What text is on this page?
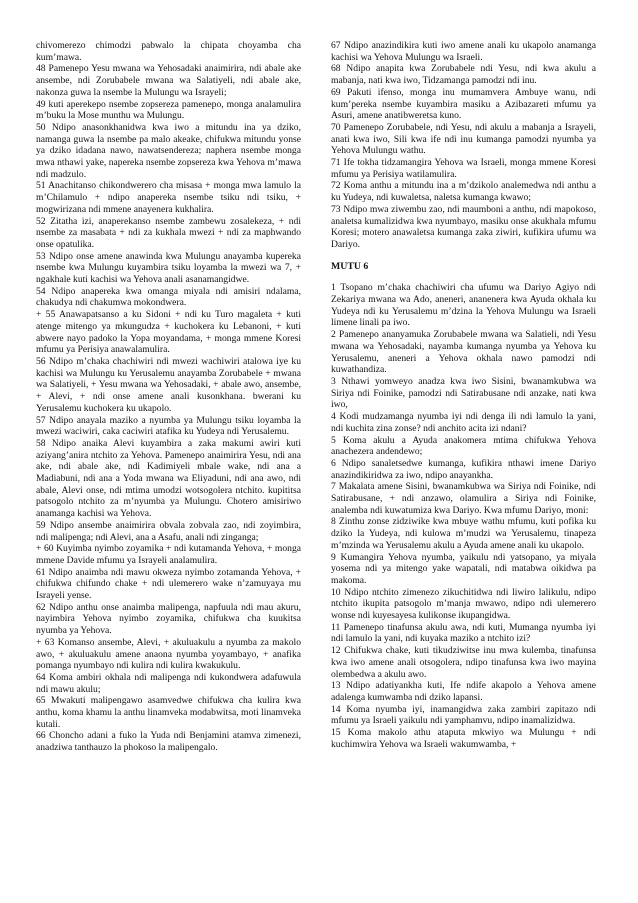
chivomerezo chimodzi pabwalo la chipata choyamba cha kum’mawa.

48 Pamenepo Yesu mwana wa Yehosadaki anaimirira, ndi abale ake ansembe, ndi Zorubabele mwana wa Salatiyeli, ndi abale ake, nakonza guwa la nsembe la Mulungu wa Israyeli;

49 kuti aperekepo nsembe zopsereza pamenepo, monga analamulira m’buku la Mose munthu wa Mulungu.

50 Ndipo anasonkhanidwa kwa iwo a mitundu ina ya dziko, namanga guwa la nsembe pa malo akeake, chifukwa mitundu yonse ya dziko idadana nawo, nawatsendereza; naphera nsembe monga mwa nthawi yake, napereka nsembe zopsereza kwa Yehova m’mawa ndi madzulo.

51 Anachitanso chikondwerero cha misasa + monga mwa lamulo la m’Chilamulo + ndipo anapereka nsembe tsiku ndi tsiku, + mogwirizana ndi mmene anayenera kukhalira.

52 Zitatha izi, anaperekanso nsembe zambewu zosalekeza, + ndi nsembe za masabata + ndi za kukhala mwezi + ndi za maphwando onse opatulika.

53 Ndipo onse amene anawinda kwa Mulungu anayamba kupereka nsembe kwa Mulungu kuyambira tsiku loyamba la mwezi wa 7, + ngakhale kuti kachisi wa Yehova anali asanamangidwe.

54 Ndipo anapereka kwa omanga miyala ndi amisiri ndalama, chakudya ndi chakumwa mokondwera.

+ 55 Anawapatsanso a ku Sidoni + ndi ku Turo magaleta + kuti atenge mitengo ya mkungudza + kuchokera ku Lebanoni, + kuti abwere nayo padoko la Yopa moyandama, + monga mmene Koresi mfumu ya Perisiya anawalamulira.

56 Ndipo m’chaka chachiwiri ndi mwezi wachiwiri atalowa iye ku kachisi wa Mulungu ku Yerusalemu anayamba Zorubabele + mwana wa Salatiyeli, + Yesu mwana wa Yehosadaki, + abale awo, ansembe, + Alevi, + ndi onse amene anali kusonkhana. bwerani ku Yerusalemu kuchokera ku ukapolo.

57 Ndipo anayala maziko a nyumba ya Mulungu tsiku loyamba la mwezi waciwiri, caka caciwiri atafika ku Yudeya ndi Yerusalemu.

58 Ndipo anaika Alevi kuyambira a zaka makumi awiri kuti aziyang’anira ntchito za Yehova. Pamenepo anaimirira Yesu, ndi ana ake, ndi abale ake, ndi Kadimiyeli mbale wake, ndi ana a Madiabuni, ndi ana a Yoda mwana wa Eliyaduni, ndi ana awo, ndi abale, Alevi onse, ndi mtima umodzi wotsogolera ntchito. kupititsa patsogolo ntchito za m’nyumba ya Mulungu. Chotero amisiriwo anamanga kachisi wa Yehova.

59 Ndipo ansembe anaimirira obvala zobvala zao, ndi zoyimbira, ndi malipenga; ndi Alevi, ana a Asafu, anali ndi zinganga;

+ 60 Kuyimba nyimbo zoyamika + ndi kutamanda Yehova, + monga mmene Davide mfumu ya Israyeli analamulira.

61 Ndipo anaimba ndi mawu okweza nyimbo zotamanda Yehova, + chifukwa chifundo chake + ndi ulemerero wake n’zamuyaya mu Israyeli yense.

62 Ndipo anthu onse anaimba malipenga, napfuula ndi mau akuru, nayimbira Yehova nyimbo zoyamika, chifukwa cha kuukitsa nyumba ya Yehova.

+ 63 Komanso ansembe, Alevi, + akuluakulu a nyumba za makolo awo, + akuluakulu amene anaona nyumba yoyambayo, + anafika pomanga nyumbayo ndi kulira ndi kulira kwakukulu.

64 Koma ambiri okhala ndi malipenga ndi kukondwera adafuwula ndi mawu akulu;

65 Mwakuti malipengawo asamvedwe chifukwa cha kulira kwa anthu, koma khamu la anthu linamveka modabwitsa, moti linamveka kutali.

66 Choncho adani a fuko la Yuda ndi Benjamini atamva zimenezi, anadziwa tanthauzo la phokoso la malipengalo.

67 Ndipo anazindikira kuti iwo amene anali ku ukapolo anamanga kachisi wa Yehova Mulungu wa Israeli.

68 Ndipo anapita kwa Zorubabele ndi Yesu, ndi kwa akulu a mabanja, nati kwa iwo, Tidzamanga pamodzi ndi inu.

69 Pakuti ifenso, monga inu mumamvera Ambuye wanu, ndi kum’pereka nsembe kuyambira masiku a Azibazareti mfumu ya Asuri, amene anatibweretsa kuno.

70 Pamenepo Zorubabele, ndi Yesu, ndi akulu a mabanja a Israyeli, anati kwa iwo, Sili kwa ife ndi inu kumanga pamodzi nyumba ya Yehova Mulungu wathu.

71 Ife tokha tidzamangira Yehova wa Israeli, monga mmene Koresi mfumu ya Perisiya watilamulira.

72 Koma anthu a mitundu ina a m’dzikolo analemedwa ndi anthu a ku Yudeya, ndi kuwaletsa, naletsa kumanga kwawo;

73 Ndipo mwa ziwembu zao, ndi maumboni a anthu, ndi mapokoso, analetsa kumalizidwa kwa nyumbayo, masiku onse akukhala mfumu Koresi; motero anawaletsa kumanga zaka ziwiri, kufikira ufumu wa Dariyo.

MUTU 6

1 Tsopano m’chaka chachiwiri cha ufumu wa Dariyo Agiyo ndi Zekariya mwana wa Ado, aneneri, ananenera kwa Ayuda okhala ku Yudeya ndi ku Yerusalemu m’dzina la Yehova Mulungu wa Israeli limene linali pa iwo.

2 Pamenepo ananyamuka Zorubabele mwana wa Salatieli, ndi Yesu mwana wa Yehosadaki, nayamba kumanga nyumba ya Yehova ku Yerusalemu, aneneri a Yehova okhala nawo pamodzi ndi kuwathandiza.

3 Nthawi yomweyo anadza kwa iwo Sisini, bwanamkubwa wa Siriya ndi Foinike, pamodzi ndi Satirabusane ndi anzake, nati kwa iwo,

4 Kodi mudzamanga nyumba iyi ndi denga ili ndi lamulo la yani, ndi kuchita zina zonse? ndi anchito acita izi ndani?

5 Koma akulu a Ayuda anakomera mtima chifukwa Yehova anachezera andendewo;

6 Ndipo sanaletsedwe kumanga, kufikira nthawi imene Dariyo anazindikiridwa za iwo, ndipo anayankha.

7 Makalata amene Sisini, bwanamkubwa wa Siriya ndi Foinike, ndi Satirabusane, + ndi anzawo, olamulira a Siriya ndi Foinike, analemba ndi kuwatumiza kwa Dariyo. Kwa mfumu Dariyo, moni:

8 Zinthu zonse zidziwike kwa mbuye wathu mfumu, kuti pofika ku dziko la Yudeya, ndi kulowa m’mudzi wa Yerusalemu, tinapeza m’mzinda wa Yerusalemu akulu a Ayuda amene anali ku ukapolo.

9 Kumangira Yehova nyumba, yaikulu ndi yatsopano, ya miyala yosema ndi ya mitengo yake wapatali, ndi matabwa oikidwa pa makoma.

10 Ndipo ntchito zimenezo zikuchitidwa ndi liwiro lalikulu, ndipo ntchito ikupita patsogolo m’manja mwawo, ndipo ndi ulemerero wonse ndi kuyesayesa kulikonse ikupangidwa.

11 Pamenepo tinafunsa akulu awa, ndi kuti, Mumanga nyumba iyi ndi lamulo la yani, ndi kuyaka maziko a ntchito izi?

12 Chifukwa chake, kuti tikudziwitse inu mwa kulemba, tinafunsa kwa iwo amene anali otsogolera, ndipo tinafunsa kwa iwo mayina olembedwa a akulu awo.

13 Ndipo adatiyankha kuti, Ife ndife akapolo a Yehova amene adalenga kumwamba ndi dziko lapansi.

14 Koma nyumba iyi, inamangidwa zaka zambiri zapitazo ndi mfumu ya Israeli yaikulu ndi yamphamvu, ndipo inamalizidwa.

15 Koma makolo athu ataputa mkwiyo wa Mulungu + ndi kuchimwira Yehova wa Israeli wakumwamba, +
